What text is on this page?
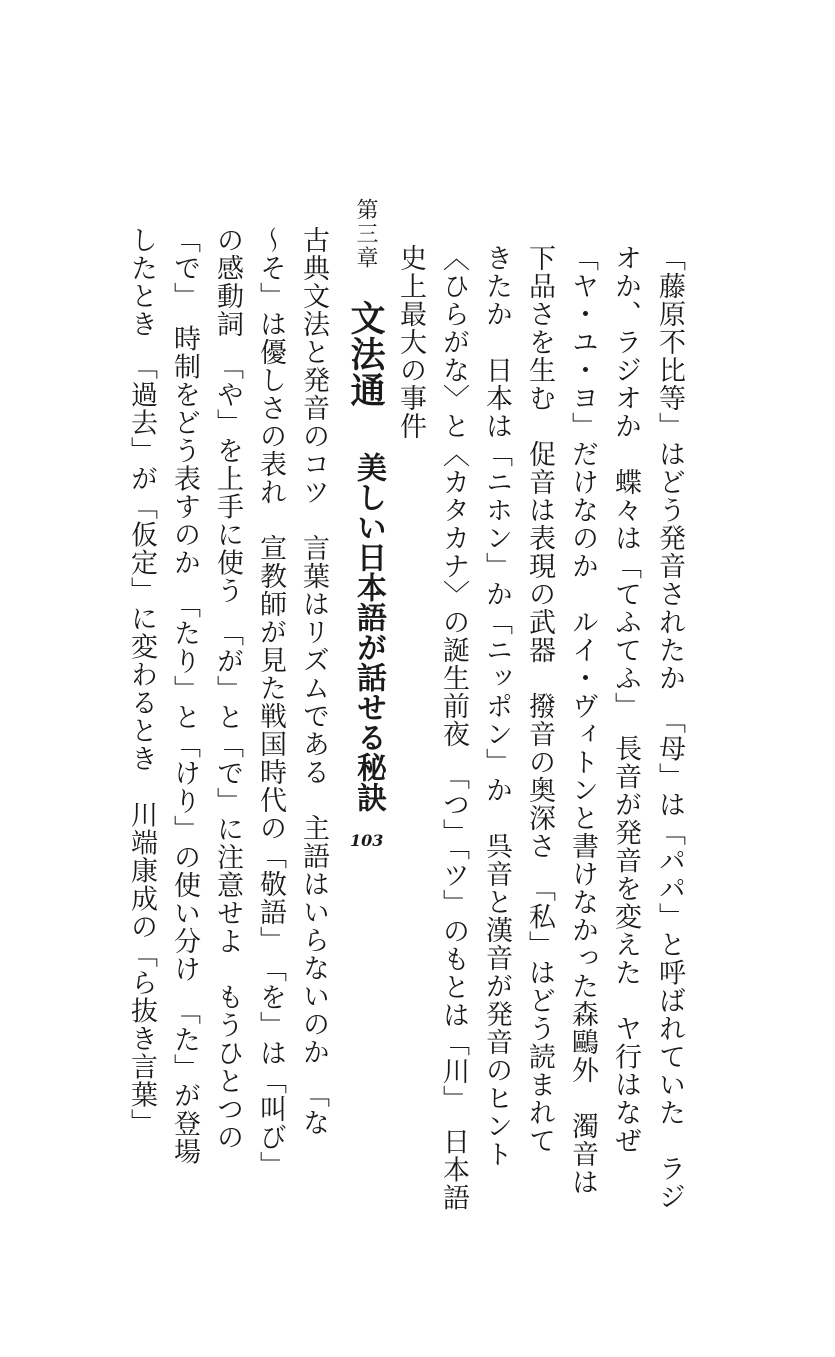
「藤原不比等」はどう発音されたか　「母」は「パパ」と呼ばれていた　ラジ
オか、ラジオか　蝶々は「てふてふ」　長音が発音を変えた　ヤ行はなぜ
「ヤ・ユ・ヨ」だけなのか　ルイ・ヴィトンと書けなかった森鷗外　濁音は
下品さを生む　促音は表現の武器　撥音の奥深さ　「私」はどう読まれて
きたか　日本は「ニホン」か「ニッポン」か　呉音と漢音が発音のヒント
〈ひらがな〉と〈カタカナ〉の誕生前夜　「つ」「ツ」のもとは「川」　日本語
史上最大の事件
第三章
文法通
美しい日本語が話せる秘訣
103
古典文法と発音のコツ　言葉はリズムである　主語はいらないのか　「な
〜そ」は優しさの表れ　宣教師が見た戦国時代の「敬語」　「を」は「叫び」
の感動詞　「や」を上手に使う　「が」と「で」に注意せよ　もうひとつの
「で」　時制をどう表すのか　「たり」と「けり」の使い分け　「た」が登場
したとき　「過去」が「仮定」に変わるとき　川端康成の「ら抜き言葉」
